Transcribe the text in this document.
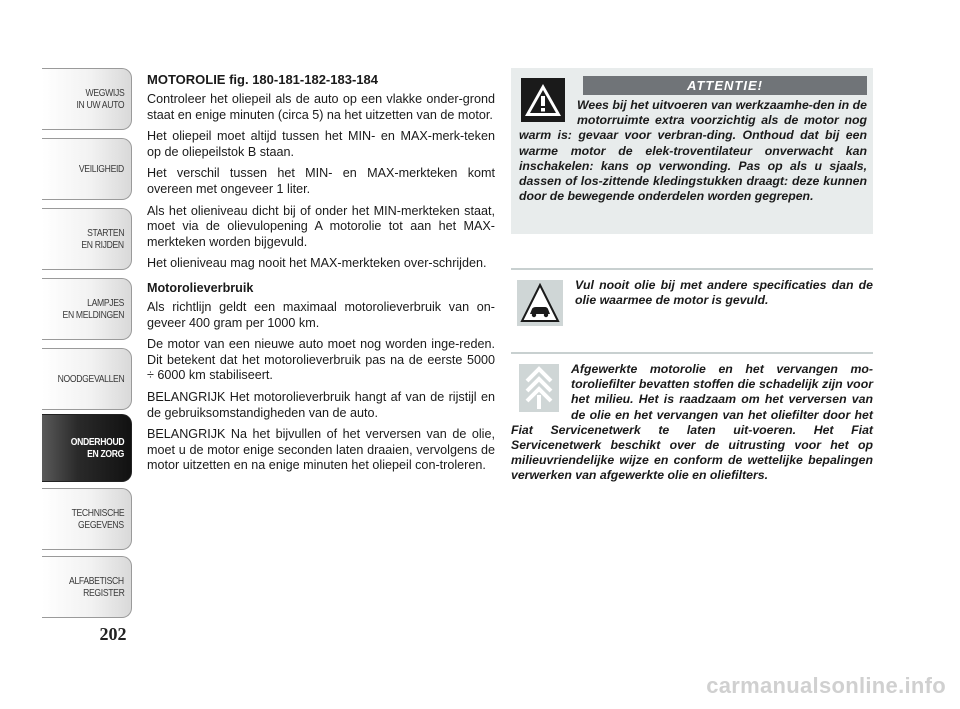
WEGWIJS
IN UW AUTO
VEILIGHEID
STARTEN
EN RIJDEN
LAMPJES
EN MELDINGEN
NOODGEVALLEN
ONDERHOUD
EN ZORG
TECHNISCHE
GEGEVENS
ALFABETISCH
REGISTER
202
MOTOROLIE fig. 180-181-182-183-184

Controleer het oliepeil als de auto op een vlakke onder-grond staat en enige minuten (circa 5) na het uitzetten van de motor.

Het oliepeil moet altijd tussen het MIN- en MAX-merk-teken op de oliepeilstok B staan.

Het verschil tussen het MIN- en MAX-merkteken komt overeen met ongeveer 1 liter.

Als het olieniveau dicht bij of onder het MIN-merkteken staat, moet via de olievulopening A motorolie tot aan het MAX-merkteken worden bijgevuld.

Het olieniveau mag nooit het MAX-merkteken over-schrijden.

Motorolieverbruik

Als richtlijn geldt een maximaal motorolieverbruik van on-geveer 400 gram per 1000 km.

De motor van een nieuwe auto moet nog worden inge-reden. Dit betekent dat het motorolieverbruik pas na de eerste 5000 ÷ 6000 km stabiliseert.

BELANGRIJK Het motorolieverbruik hangt af van de rijstijl en de gebruiksomstandigheden van de auto.

BELANGRIJK Na het bijvullen of het verversen van de olie, moet u de motor enige seconden laten draaien, vervolgens de motor uitzetten en na enige minuten het oliepeil con-troleren.

ATTENTIE!
Wees bij het uitvoeren van werkzaamhe-den in de motorruimte extra voorzichtig als de motor nog warm is: gevaar voor verbran-ding. Onthoud dat bij een warme motor de elek-troventilateur onverwacht kan inschakelen: kans op verwonding. Pas op als u sjaals, dassen of los-zittende kledingstukken draagt: deze kunnen door de bewegende onderdelen worden gegrepen.
Vul nooit olie bij met andere specificaties dan de olie waarmee de motor is gevuld.
Afgewerkte motorolie en het vervangen mo-toroliefilter bevatten stoffen die schadelijk zijn voor het milieu. Het is raadzaam om het verversen van de olie en het vervangen van het oliefilter door het Fiat Servicenetwerk te laten uit-voeren. Het Fiat Servicenetwerk beschikt over de uitrusting voor het op milieuvriendelijke wijze en conform de wettelijke bepalingen verwerken van afgewerkte olie en oliefilters.
carmanualsonline.info
